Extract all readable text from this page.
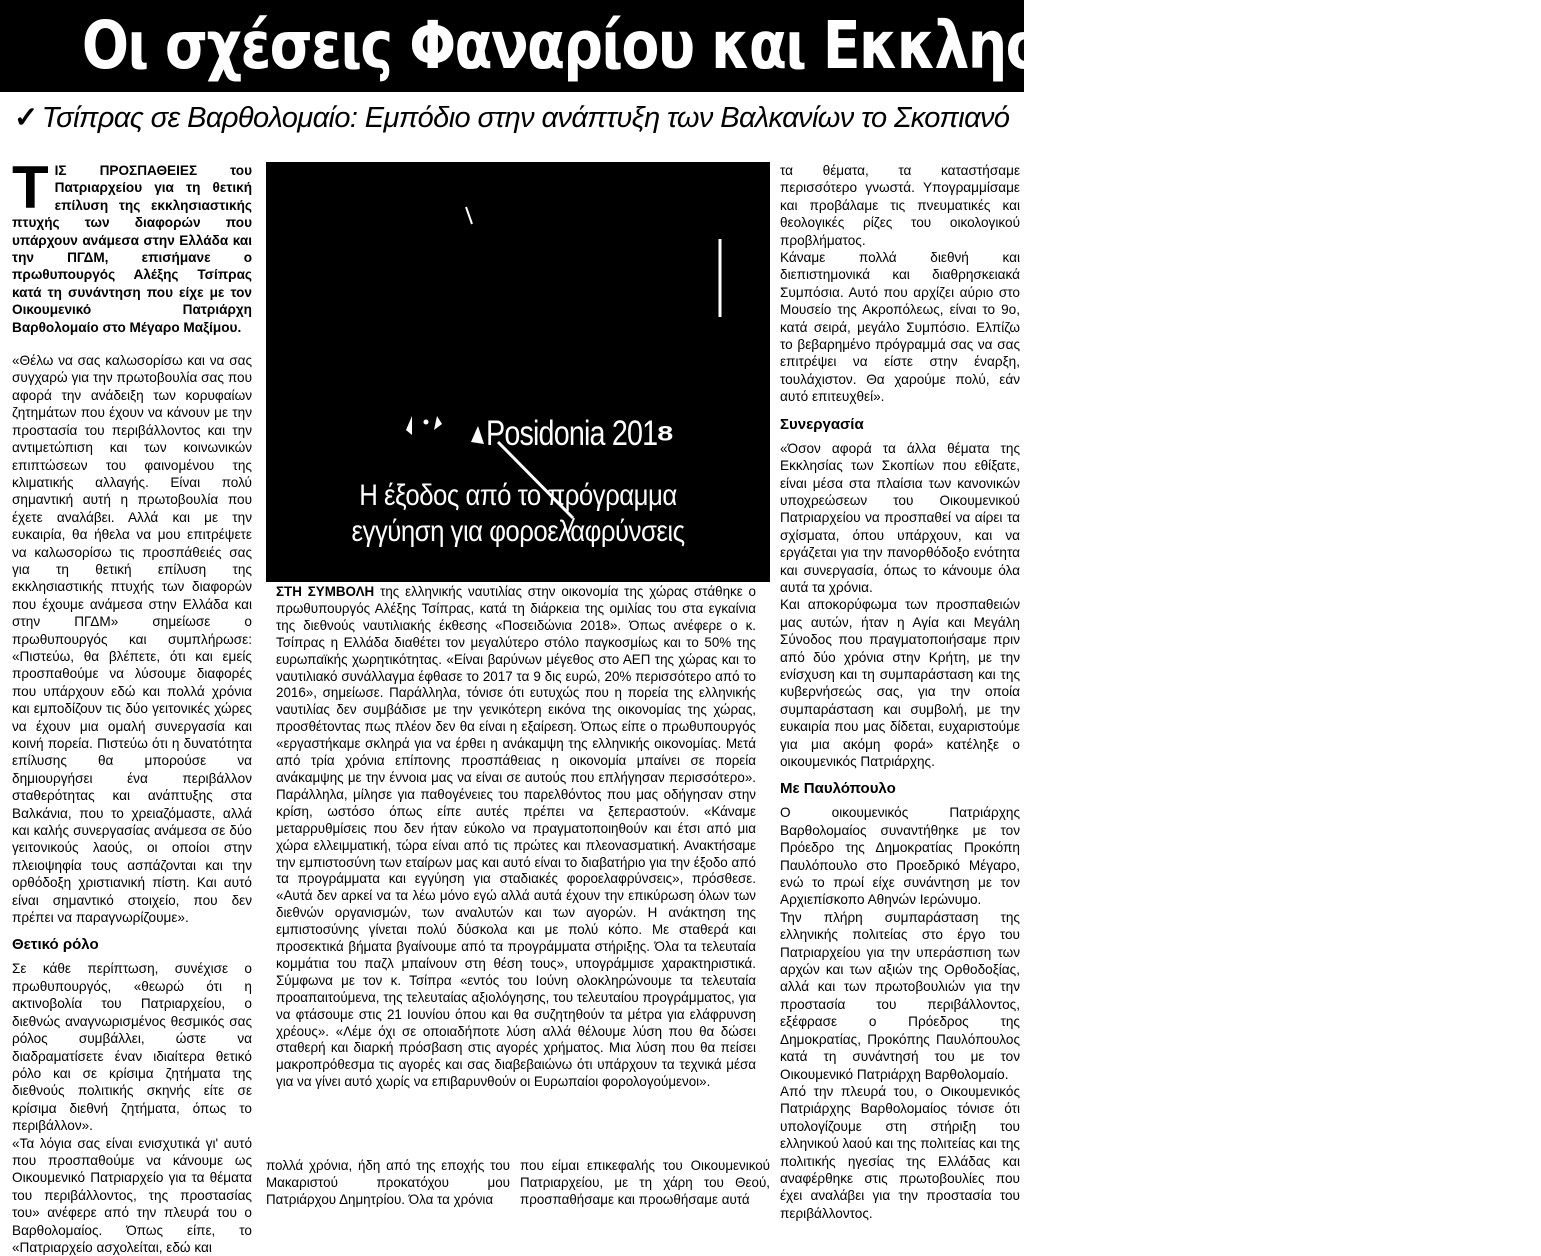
Οι σχέσεις Φαναρίου και Εκκλησίας των Σκοπίων
✓ Τσίπρας σε Βαρθολομαίο: Εμπόδιο στην ανάπτυξη των Βαλκανίων το Σκοπιανό

ΤΙΣ ΠΡΟΣΠΑΘΕΙΕΣ του Πατριαρχείου για τη θετική επίλυση της εκκλησιαστικής πτυχής των διαφορών που υπάρχουν ανάμεσα στην Ελλάδα και την ΠΓΔΜ, επισήμανε ο πρωθυπουργός Αλέξης Τσίπρας κατά τη συνάντηση που είχε με τον Οικουμενικό Πατριάρχη Βαρθολομαίο στο Μέγαρο Μαξίμου.

«Θέλω να σας καλωσορίσω και να σας συγχαρώ για την πρωτοβουλία σας που αφορά την ανάδειξη των κορυφαίων ζητημάτων που έχουν να κάνουν με την προστασία του περιβάλλοντος και την αντιμετώπιση και των κοινωνικών επιπτώσεων του φαινομένου της κλιματικής αλλαγής. Είναι πολύ σημαντική αυτή η πρωτοβουλία που έχετε αναλάβει. Αλλά και με την ευκαιρία, θα ήθελα να μου επιτρέψετε να καλωσορίσω τις προσπάθειές σας για τη θετική επίλυση της εκκλησιαστικής πτυχής των διαφορών που έχουμε ανάμεσα στην Ελλάδα και στην ΠΓΔΜ» σημείωσε ο πρωθυπουργός και συμπλήρωσε: «Πιστεύω, θα βλέπετε, ότι και εμείς προσπαθούμε να λύσουμε διαφορές που υπάρχουν εδώ και πολλά χρόνια και εμποδίζουν τις δύο γειτονικές χώρες να έχουν μια ομαλή συνεργασία και κοινή πορεία. Πιστεύω ότι η δυνατότητα επίλυσης θα μπορούσε να δημιουργήσει ένα περιβάλλον σταθερότητας και ανάπτυξης στα Βαλκάνια, που το χρειαζόμαστε, αλλά και καλής συνεργασίας ανάμεσα σε δύο γειτονικούς λαούς, οι οποίοι στην πλειοψηφία τους ασπάζονται και την ορθόδοξη χριστιανική πίστη. Και αυτό είναι σημαντικό στοιχείο, που δεν πρέπει να παραγνωρίζουμε».

Θετικό ρόλο

Σε κάθε περίπτωση, συνέχισε ο πρωθυπουργός, «θεωρώ ότι η ακτινοβολία του Πατριαρχείου, ο διεθνώς αναγνωρισμένος θεσμικός σας ρόλος συμβάλλει, ώστε να διαδραματίσετε έναν ιδιαίτερα θετικό ρόλο και σε κρίσιμα ζητήματα της διεθνούς πολιτικής σκηνής είτε σε κρίσιμα διεθνή ζητήματα, όπως το περιβάλλον».

«Τα λόγια σας είναι ενισχυτικά γι' αυτό που προσπαθούμε να κάνουμε ως Οικουμενικό Πατριαρχείο για τα θέματα του περιβάλλοντος, της προστασίας του» ανέφερε από την πλευρά του ο Βαρθολομαίος. Όπως είπε, το «Πατριαρχείο ασχολείται, εδώ και

Posidonia 2018
Η έξοδος από το πρόγραμμα
εγγύηση για φοροελαφρύνσεις

ΣΤΗ ΣΥΜΒΟΛΗ της ελληνικής ναυτιλίας στην οικονομία της χώρας στάθηκε ο πρωθυπουργός Αλέξης Τσίπρας, κατά τη διάρκεια της ομιλίας του στα εγκαίνια της διεθνούς ναυτιλιακής έκθεσης «Ποσειδώνια 2018». Όπως ανέφερε ο κ. Τσίπρας η Ελλάδα διαθέτει τον μεγαλύτερο στόλο παγκοσμίως και το 50% της ευρωπαϊκής χωρητικότητας. «Είναι βαρύνων μέγεθος στο ΑΕΠ της χώρας και το ναυτιλιακό συνάλλαγμα έφθασε το 2017 τα 9 δις ευρώ, 20% περισσότερο από το 2016», σημείωσε. Παράλληλα, τόνισε ότι ευτυχώς που η πορεία της ελληνικής ναυτιλίας δεν συμβάδισε με την γενικότερη εικόνα της οικονομίας της χώρας, προσθέτοντας πως πλέον δεν θα είναι η εξαίρεση. Όπως είπε ο πρωθυπουργός «εργαστήκαμε σκληρά για να έρθει η ανάκαμψη της ελληνικής οικονομίας. Μετά από τρία χρόνια επίπονης προσπάθειας η οικονομία μπαίνει σε πορεία ανάκαμψης με την έννοια μας να είναι σε αυτούς που επλήγησαν περισσότερο». Παράλληλα, μίλησε για παθογένειες του παρελθόντος που μας οδήγησαν στην κρίση, ωστόσο όπως είπε αυτές πρέπει να ξεπεραστούν. «Κάναμε μεταρρυθμίσεις που δεν ήταν εύκολο να πραγματοποιηθούν και έτσι από μια χώρα ελλειμματική, τώρα είναι από τις πρώτες και πλεονασματική. Ανακτήσαμε την εμπιστοσύνη των εταίρων μας και αυτό είναι το διαβατήριο για την έξοδο από τα προγράμματα και εγγύηση για σταδιακές φοροελαφρύνσεις», πρόσθεσε. «Αυτά δεν αρκεί να τα λέω μόνο εγώ αλλά αυτά έχουν την επικύρωση όλων των διεθνών οργανισμών, των αναλυτών και των αγορών. Η ανάκτηση της εμπιστοσύνης γίνεται πολύ δύσκολα και με πολύ κόπο. Με σταθερά και προσεκτικά βήματα βγαίνουμε από τα προγράμματα στήριξης. Όλα τα τελευταία κομμάτια του παζλ μπαίνουν στη θέση τους», υπογράμμισε χαρακτηριστικά. Σύμφωνα με τον κ. Τσίπρα «εντός του Ιούνη ολοκληρώνουμε τα τελευταία προαπαιτούμενα, της τελευταίας αξιολόγησης, του τελευταίου προγράμματος, για να φτάσουμε στις 21 Ιουνίου όπου και θα συζητηθούν τα μέτρα για ελάφρυνση χρέους». «Λέμε όχι σε οποιαδήποτε λύση αλλά θέλουμε λύση που θα δώσει σταθερή και διαρκή πρόσβαση στις αγορές χρήματος. Μια λύση που θα πείσει μακροπρόθεσμα τις αγορές και σας διαβεβαιώνω ότι υπάρχουν τα τεχνικά μέσα για να γίνει αυτό χωρίς να επιβαρυνθούν οι Ευρωπαίοι φορολογούμενοι».

πολλά χρόνια, ήδη από της εποχής του Μακαριστού προκατόχου μου Πατριάρχου Δημητρίου. Όλα τα χρόνια
που είμαι επικεφαλής του Οικουμενικού Πατριαρχείου, με τη χάρη του Θεού, προσπαθήσαμε και προωθήσαμε αυτά

τα θέματα, τα καταστήσαμε περισσότερο γνωστά. Υπογραμμίσαμε και προβάλαμε τις πνευματικές και θεολογικές ρίζες του οικολογικού προβλήματος.

Κάναμε πολλά διεθνή και διεπιστημονικά και διαθρησκειακά Συμπόσια. Αυτό που αρχίζει αύριο στο Μουσείο της Ακροπόλεως, είναι το 9ο, κατά σειρά, μεγάλο Συμπόσιο. Ελπίζω το βεβαρημένο πρόγραμμά σας να σας επιτρέψει να είστε στην έναρξη, τουλάχιστον. Θα χαρούμε πολύ, εάν αυτό επιτευχθεί».

Συνεργασία

«Όσον αφορά τα άλλα θέματα της Εκκλησίας των Σκοπίων που εθίξατε, είναι μέσα στα πλαίσια των κανονικών υποχρεώσεων του Οικουμενικού Πατριαρχείου να προσπαθεί να αίρει τα σχίσματα, όπου υπάρχουν, και να εργάζεται για την πανορθόδοξο ενότητα και συνεργασία, όπως το κάνουμε όλα αυτά τα χρόνια.

Και αποκορύφωμα των προσπαθειών μας αυτών, ήταν η Αγία και Μεγάλη Σύνοδος που πραγματοποιήσαμε πριν από δύο χρόνια στην Κρήτη, με την ενίσχυση και τη συμπαράσταση και της κυβερνήσεώς σας, για την οποία συμπαράσταση και συμβολή, με την ευκαιρία που μας δίδεται, ευχαριστούμε για μια ακόμη φορά» κατέληξε ο οικουμενικός Πατριάρχης.

Με Παυλόπουλο

Ο οικουμενικός Πατριάρχης Βαρθολομαίος συναντήθηκε με τον Πρόεδρο της Δημοκρατίας Προκόπη Παυλόπουλο στο Προεδρικό Μέγαρο, ενώ το πρωί είχε συνάντηση με τον Αρχιεπίσκοπο Αθηνών Ιερώνυμο.

Την πλήρη συμπαράσταση της ελληνικής πολιτείας στο έργο του Πατριαρχείου για την υπεράσπιση των αρχών και των αξιών της Ορθοδοξίας, αλλά και των πρωτοβουλιών για την προστασία του περιβάλλοντος, εξέφρασε ο Πρόεδρος της Δημοκρατίας, Προκόπης Παυλόπουλος κατά τη συνάντησή του με τον Οικουμενικό Πατριάρχη Βαρθολομαίο.

Από την πλευρά του, ο Οικουμενικός Πατριάρχης Βαρθολομαίος τόνισε ότι υπολογίζουμε στη στήριξη του ελληνικού λαού και της πολιτείας και της πολιτικής ηγεσίας της Ελλάδας και αναφέρθηκε στις πρωτοβουλίες που έχει αναλάβει για την προστασία του περιβάλλοντος.
